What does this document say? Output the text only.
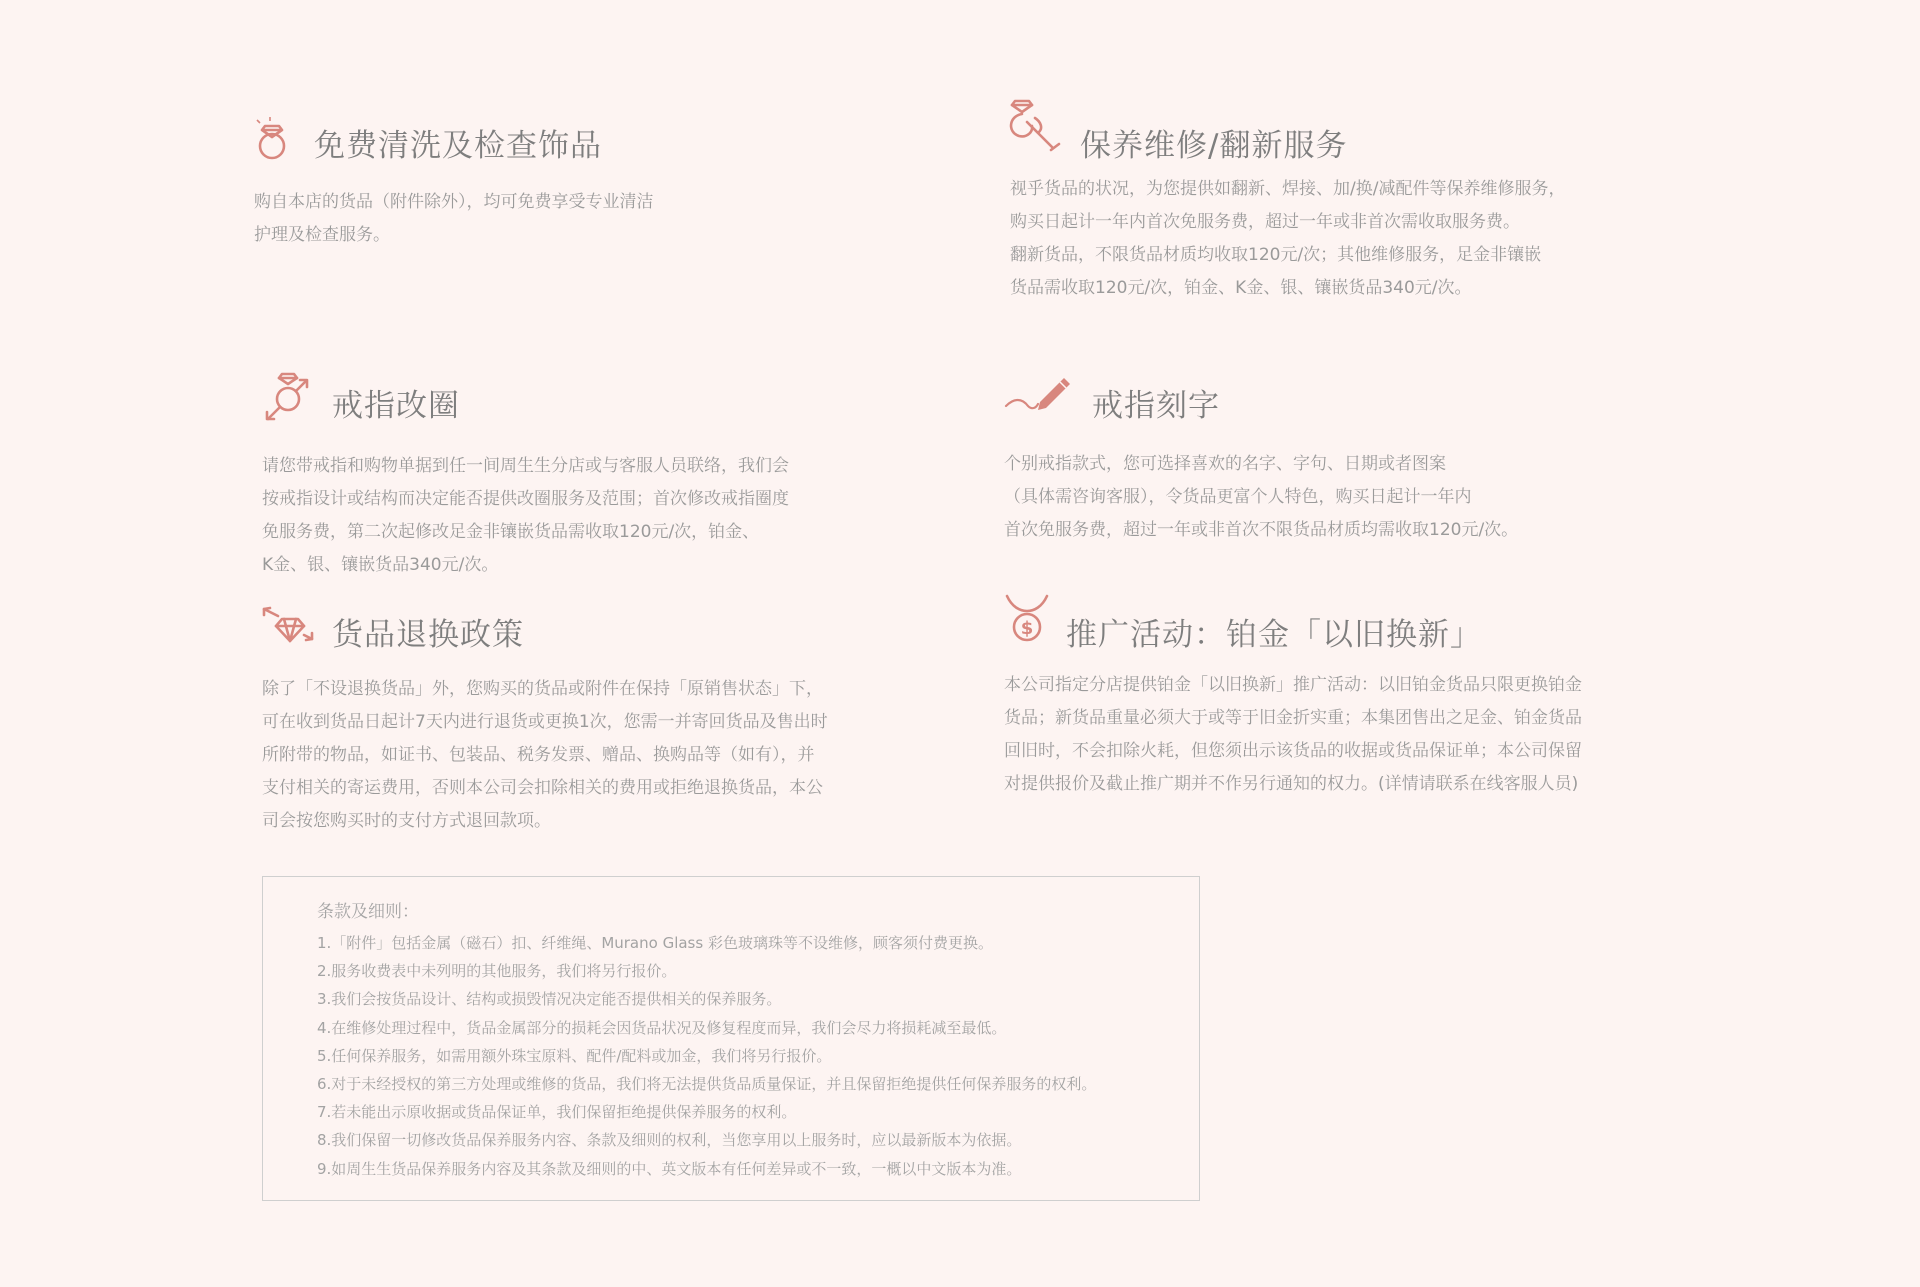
免费清洗及检查饰品

购自本店的货品（附件除外），均可免费享受专业清洁

护理及检查服务。

保养维修/翻新服务

视乎货品的状况，为您提供如翻新、焊接、加/换/减配件等保养维修服务，

购买日起计一年内首次免服务费，超过一年或非首次需收取服务费。

翻新货品，不限货品材质均收取120元/次；其他维修服务，足金非镶嵌

货品需收取120元/次，铂金、K金、银、镶嵌货品340元/次。

戒指改圈

请您带戒指和购物单据到任一间周生生分店或与客服人员联络，我们会

按戒指设计或结构而决定能否提供改圈服务及范围；首次修改戒指圈度

免服务费，第二次起修改足金非镶嵌货品需收取120元/次，铂金、

K金、银、镶嵌货品340元/次。

戒指刻字

个别戒指款式，您可选择喜欢的名字、字句、日期或者图案

（具体需咨询客服），令货品更富个人特色，购买日起计一年内

首次免服务费，超过一年或非首次不限货品材质均需收取120元/次。

货品退换政策

除了「不设退换货品」外，您购买的货品或附件在保持「原销售状态」下，

可在收到货品日起计7天内进行退货或更换1次，您需一并寄回货品及售出时

所附带的物品，如证书、包装品、税务发票、赠品、换购品等（如有），并

支付相关的寄运费用，否则本公司会扣除相关的费用或拒绝退换货品，本公

司会按您购买时的支付方式退回款项。

$ 推广活动：铂金「以旧换新」

本公司指定分店提供铂金「以旧换新」推广活动：以旧铂金货品只限更换铂金

货品；新货品重量必须大于或等于旧金折实重；本集团售出之足金、铂金货品

回旧时，不会扣除火耗，但您须出示该货品的收据或货品保证单；本公司保留

对提供报价及截止推广期并不作另行通知的权力。(详情请联系在线客服人员)

条款及细则：
1.「附件」包括金属（磁石）扣、纤维绳、Murano Glass 彩色玻璃珠等不设维修，顾客须付费更换。
2.服务收费表中未列明的其他服务，我们将另行报价。
3.我们会按货品设计、结构或损毁情况决定能否提供相关的保养服务。
4.在维修处理过程中，货品金属部分的损耗会因货品状况及修复程度而异，我们会尽力将损耗减至最低。
5.任何保养服务，如需用额外珠宝原料、配件/配料或加金，我们将另行报价。
6.对于未经授权的第三方处理或维修的货品，我们将无法提供货品质量保证，并且保留拒绝提供任何保养服务的权利。
7.若未能出示原收据或货品保证单，我们保留拒绝提供保养服务的权利。
8.我们保留一切修改货品保养服务内容、条款及细则的权利，当您享用以上服务时，应以最新版本为依据。
9.如周生生货品保养服务内容及其条款及细则的中、英文版本有任何差异或不一致，一概以中文版本为准。
